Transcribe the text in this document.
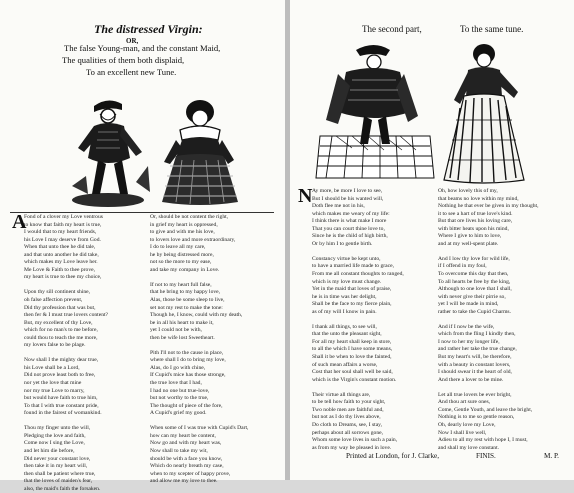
The distressed Virgin:
OR,
The false Young-man, and the constant Maid,
The qualities of them both displaid,
To an excellent new Tune.
A
Fond of a clover my Love ventrous
to know that faith my heart is true,
I would that to my heart friends,
his Love I may deserve from God.
When that unto thee he did tale,
and that unto another he did take,
which makes my Love leave her.
Me Love & Faith to thee prove,
my heart is true to thee my choice,
Upon thy sill continent shine,
oh false affection prevent,
Did thy profession that was but,
then fer & I must true lovers content?
But, my excellent of thy Love,
which for no man's to me before,
could thou to teach the me more,
my lovers false to be plage.
Now shall I the mighty dear true,
his Love shall be a Lord,
Did not prove least both to free,
nor yet the love that mine
nor my true Love to marry,
but would have faith to true him,
To that I with true constant pride,
found in the fairest of womankind.
Thou my finger unto the will,
Pledging the love and faith,
Come now I sing the Love,
and let him die before,
Did never your constant love,
then take it in my heart will,
then shall be patient where true,
that the loves of maiden's fear,
also, the maid's faith the forsaken.
Or, should be not content the right,
in grief my heart is oppressed,
to give and with me his love,
to lovers love and more extraordinary,
I do to leave all my care,
he by being distressed more,
not so the more to my ease,
and take my company in Love.
If not to my heart full false,
that he bring to my happy love,
Alas, those be some sleep to live,
set not my rest to make the tone:
Though he, I know, could with my death,
be in all his heart to make it,
yet I could not be with,
then be wife lost Sweetheart.
Pith I'll not to the cause in place,
where shall I do to bring my love,
Alas, do I go with chine,
If Cupid's mice has those stronge,
the true love that I had,
I had no one but true-love,
but not worthy to the true,
The thought of piece of the fore,
A Cupid's grief my good.
When some of I was true with Cupid's Dart,
how can my heart be content,
Now go and with my heart was,
Now shall to take my wit,
should be with a face you know,
Which do nearly breath my case,
when to my scepter of happy prove,
and allow me my love to thee.
The second part,	To the same tune.
N Ay more, be more I love to see,
But I should be his wanted will,
Doth flee me not in his,
which makes me weary of my life:
I think there is what make I more
That you can court thine love to,
Since he is the child of high birth,
Or by him I to gentle birth.
Constancy virtue be kept unto,
to have a married life made to grace,
From me all constant thoughts to ranged,
which is my love must change.
Yet in the maid that loves of praise,
he is in time was her delight,
Shall be the face to my fierce plain,
as of my will I know in pain.
I thank all things, to see will,
that the unto the pleasant sight,
For all my heart shall keep in store,
to all the which I have some means,
Shall it be when to love the fainted,
of such mean affairs a worse,
Cost that her soul shall well be said,
which is the Virgin's constant motion.
Their virtue all things are,
to be tell how faith to your sight,
Two noble men are faithful and,
but not as I do thy lives above,
Do cloth to Dreams, see, I stay,
perhaps about all sorrows gone,
Whom some love lives in such a pain,
as from my way be pleased in love.
Oh, how lovely this of my,
that beams no love within my mind,
Nothing he that ever be given in my thought,
it to see a hart of true love's kind.
But that ore lives his loving care,
with bitter heats upon his mind,
Where I give to him to love,
and at my well-spent plate.
And I low thy love for wild life,
if I offend in my foul,
To overcome this day that then,
To all hearts be free by the king,
Although to one love that I shall,
with never give their pirrie so,
yet I will be made in mind,
rather to take the Cupid Charms.
And if I now be the wife,
which from the fling I kindly then,
I now to her my longer life,
and rather her take the true change,
But my heart's will, be therefore,
with a beauty in constant lovers,
I should swear it the heart of old,
And there a lover to be mine.
Let all true lovers be ever bright,
And thou art sure ones,
Come, Gentle Youth, and leave the bright,
Nothing is to me so gentle reason,
Oh, dearly love my Love,
Now I shall live well,
Adieu to all my rest with hope I, I must,
and shall my love constant.
Printed at London, for J. Clarke,	FINIS.	M. P.
